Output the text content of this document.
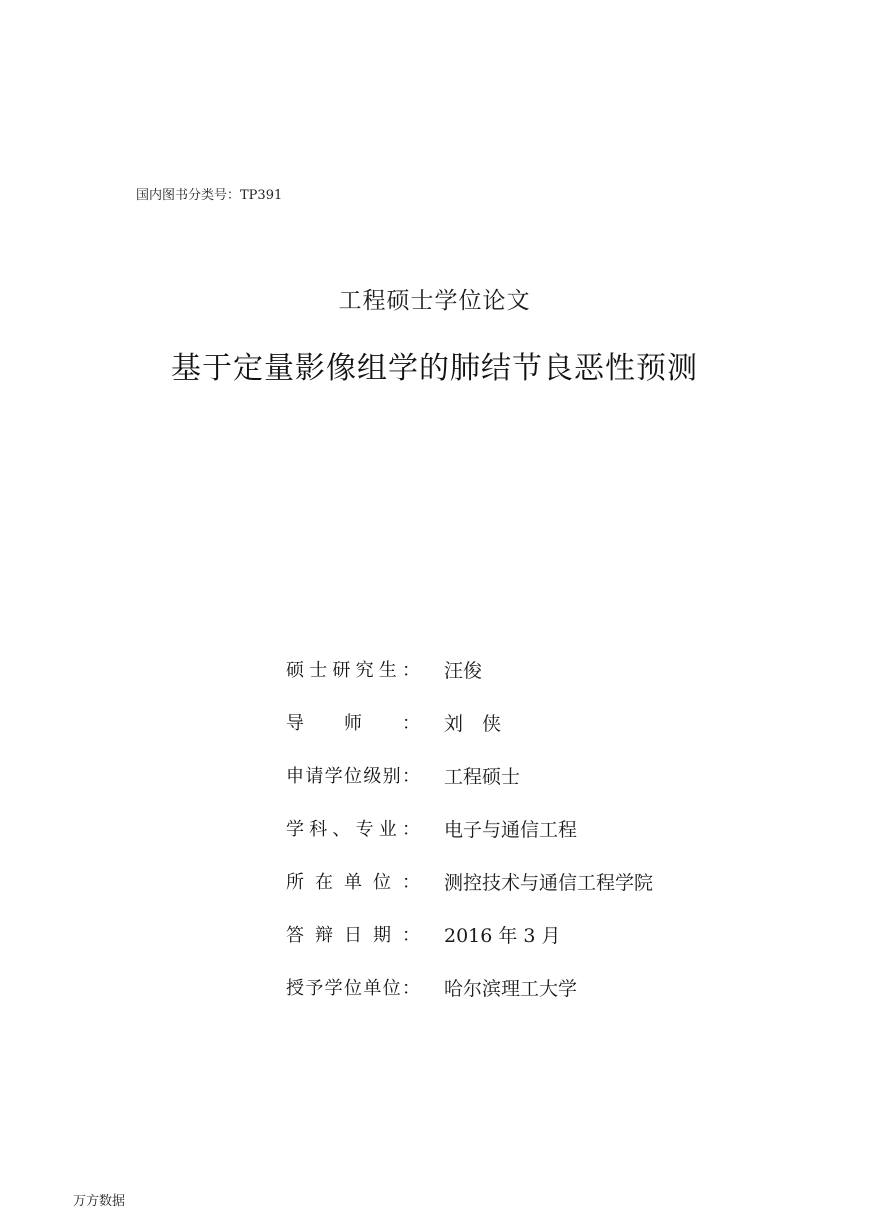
国内图书分类号：TP391
工程硕士学位论文
基于定量影像组学的肺结节良恶性预测
硕 士 研 究 生 ： 汪俊
导 师 ： 刘　侠
申 请 学 位 级 别 ： 工程硕士
学 科 、 专 业 ： 电子与通信工程
所 在 单 位 ： 测控技术与通信工程学院
答 辩 日 期 ： 2016 年 3 月
授 予 学 位 单 位 ： 哈尔滨理工大学
万方数据
